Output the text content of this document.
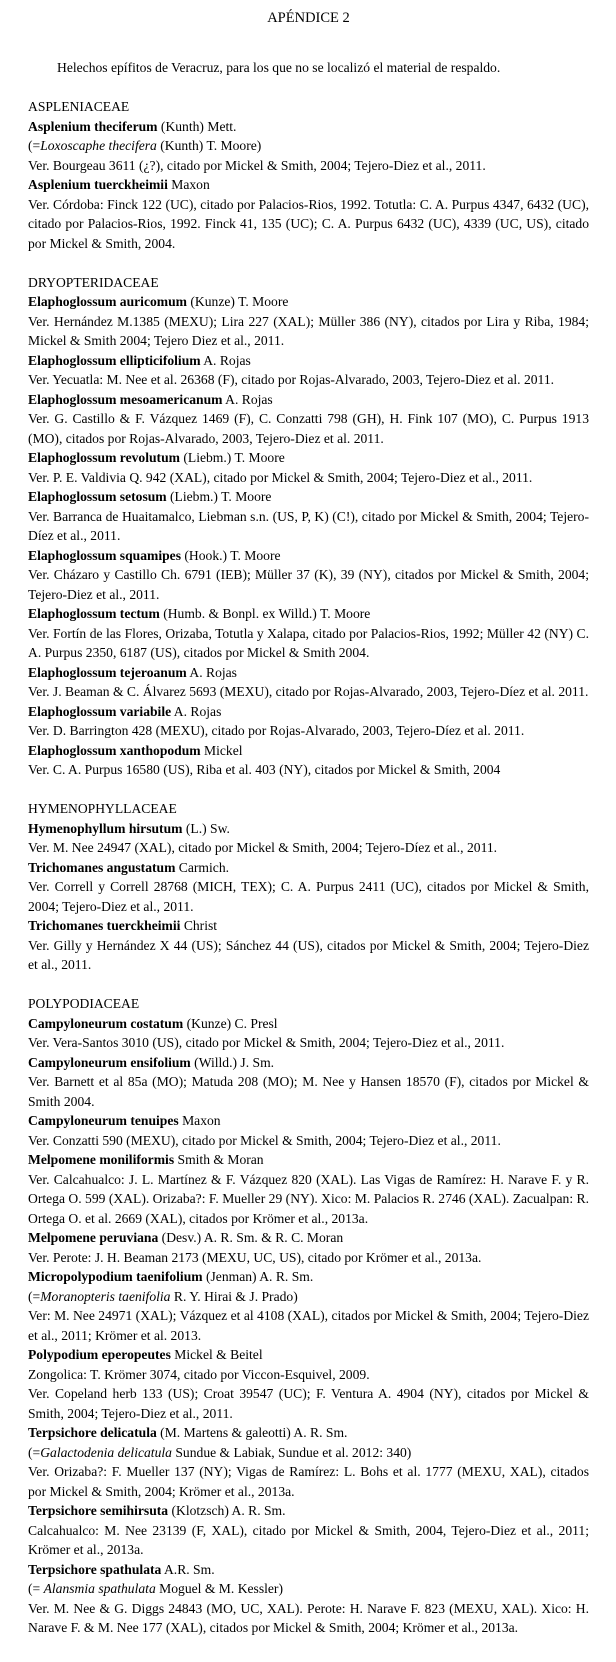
APÉNDICE 2

Helechos epífitos de Veracruz, para los que no se localizó el material de respaldo.

ASPLENIACEAE

Asplenium theciferum (Kunth) Mett.

(=Loxoscaphe thecifera (Kunth) T. Moore)

Ver. Bourgeau 3611 (¿?), citado por Mickel & Smith, 2004; Tejero-Diez et al., 2011.

Asplenium tuerckheimii Maxon

Ver. Córdoba: Finck 122 (UC), citado por Palacios-Rios, 1992. Totutla: C. A. Purpus 4347, 6432 (UC), citado por Palacios-Rios, 1992. Finck 41, 135 (UC); C. A. Purpus 6432 (UC), 4339 (UC, US), citado por Mickel & Smith, 2004.

DRYOPTERIDACEAE

Elaphoglossum auricomum (Kunze) T. Moore

Ver. Hernández M.1385 (MEXU); Lira 227 (XAL); Müller 386 (NY), citados por Lira y Riba, 1984; Mickel & Smith 2004; Tejero Diez et al., 2011.

Elaphoglossum ellipticifolium A. Rojas

Ver. Yecuatla: M. Nee et al. 26368 (F), citado por Rojas-Alvarado, 2003, Tejero-Diez et al. 2011.

Elaphoglossum mesoamericanum A. Rojas

Ver. G. Castillo & F. Vázquez 1469 (F), C. Conzatti 798 (GH), H. Fink 107 (MO), C. Purpus 1913 (MO), citados por Rojas-Alvarado, 2003, Tejero-Diez et al. 2011.

Elaphoglossum revolutum (Liebm.) T. Moore

Ver. P. E. Valdivia Q. 942 (XAL), citado por Mickel & Smith, 2004; Tejero-Diez et al., 2011.

Elaphoglossum setosum (Liebm.) T. Moore

Ver. Barranca de Huaitamalco, Liebman s.n. (US, P, K) (C!), citado por Mickel & Smith, 2004; Tejero-Díez et al., 2011.

Elaphoglossum squamipes (Hook.) T. Moore

Ver. Cházaro y Castillo Ch. 6791 (IEB); Müller 37 (K), 39 (NY), citados por Mickel & Smith, 2004; Tejero-Diez et al., 2011.

Elaphoglossum tectum (Humb. & Bonpl. ex Willd.) T. Moore

Ver. Fortín de las Flores, Orizaba, Totutla y Xalapa, citado por Palacios-Rios, 1992; Müller 42 (NY) C. A. Purpus 2350, 6187 (US), citados por Mickel & Smith 2004.

Elaphoglossum tejeroanum A. Rojas

Ver. J. Beaman & C. Álvarez 5693 (MEXU), citado por Rojas-Alvarado, 2003, Tejero-Díez et al. 2011.

Elaphoglossum variabile A. Rojas

Ver. D. Barrington 428 (MEXU), citado por Rojas-Alvarado, 2003, Tejero-Díez et al. 2011.

Elaphoglossum xanthopodum Mickel

Ver. C. A. Purpus 16580 (US), Riba et al. 403 (NY), citados por Mickel & Smith, 2004

HYMENOPHYLLACEAE

Hymenophyllum hirsutum (L.) Sw.

Ver. M. Nee 24947 (XAL), citado por Mickel & Smith, 2004; Tejero-Díez et al., 2011.

Trichomanes angustatum Carmich.

Ver. Correll y Correll 28768 (MICH, TEX); C. A. Purpus 2411 (UC), citados por Mickel & Smith, 2004; Tejero-Diez et al., 2011.

Trichomanes tuerckheimii Christ

Ver. Gilly y Hernández X 44 (US); Sánchez 44 (US), citados por Mickel & Smith, 2004; Tejero-Diez et al., 2011.

POLYPODIACEAE

Campyloneurum costatum (Kunze) C. Presl

Ver. Vera-Santos 3010 (US), citado por Mickel & Smith, 2004; Tejero-Diez et al., 2011.

Campyloneurum ensifolium (Willd.) J. Sm.

Ver. Barnett et al 85a (MO); Matuda 208 (MO); M. Nee y Hansen 18570 (F), citados por Mickel & Smith 2004.

Campyloneurum tenuipes Maxon

Ver. Conzatti 590 (MEXU), citado por Mickel & Smith, 2004; Tejero-Diez et al., 2011.

Melpomene moniliformis Smith & Moran

Ver. Calcahualco: J. L. Martínez & F. Vázquez 820 (XAL). Las Vigas de Ramírez: H. Narave F. y R. Ortega O. 599 (XAL). Orizaba?: F. Mueller 29 (NY). Xico: M. Palacios R. 2746 (XAL). Zacualpan: R. Ortega O. et al. 2669 (XAL), citados por Krömer et al., 2013a.

Melpomene peruviana (Desv.) A. R. Sm. & R. C. Moran

Ver. Perote: J. H. Beaman 2173 (MEXU, UC, US), citado por Krömer et al., 2013a.

Micropolypodium taenifolium (Jenman) A. R. Sm.

(=Moranopteris taenifolia R. Y. Hirai & J. Prado)

Ver: M. Nee 24971 (XAL); Vázquez et al 4108 (XAL), citados por Mickel & Smith, 2004; Tejero-Diez et al., 2011; Krömer et al. 2013.

Polypodium eperopeutes Mickel & Beitel

Zongolica: T. Krömer 3074, citado por Viccon-Esquivel, 2009.

Ver. Copeland herb 133 (US); Croat 39547 (UC); F. Ventura A. 4904 (NY), citados por Mickel & Smith, 2004; Tejero-Diez et al., 2011.

Terpsichore delicatula (M. Martens & galeotti) A. R. Sm.

(=Galactodenia delicatula Sundue & Labiak, Sundue et al. 2012: 340)

Ver. Orizaba?: F. Mueller 137 (NY); Vigas de Ramírez: L. Bohs et al. 1777 (MEXU, XAL), citados por Mickel & Smith, 2004; Krömer et al., 2013a.

Terpsichore semihirsuta (Klotzsch) A. R. Sm.

Calcahualco: M. Nee 23139 (F, XAL), citado por Mickel & Smith, 2004, Tejero-Diez et al., 2011; Krömer et al., 2013a.

Terpsichore spathulata A.R. Sm.

(= Alansmia spathulata Moguel & M. Kessler)

Ver. M. Nee & G. Diggs 24843 (MO, UC, XAL). Perote: H. Narave F. 823 (MEXU, XAL). Xico: H. Narave F. & M. Nee 177 (XAL), citados por Mickel & Smith, 2004; Krömer et al., 2013a.
